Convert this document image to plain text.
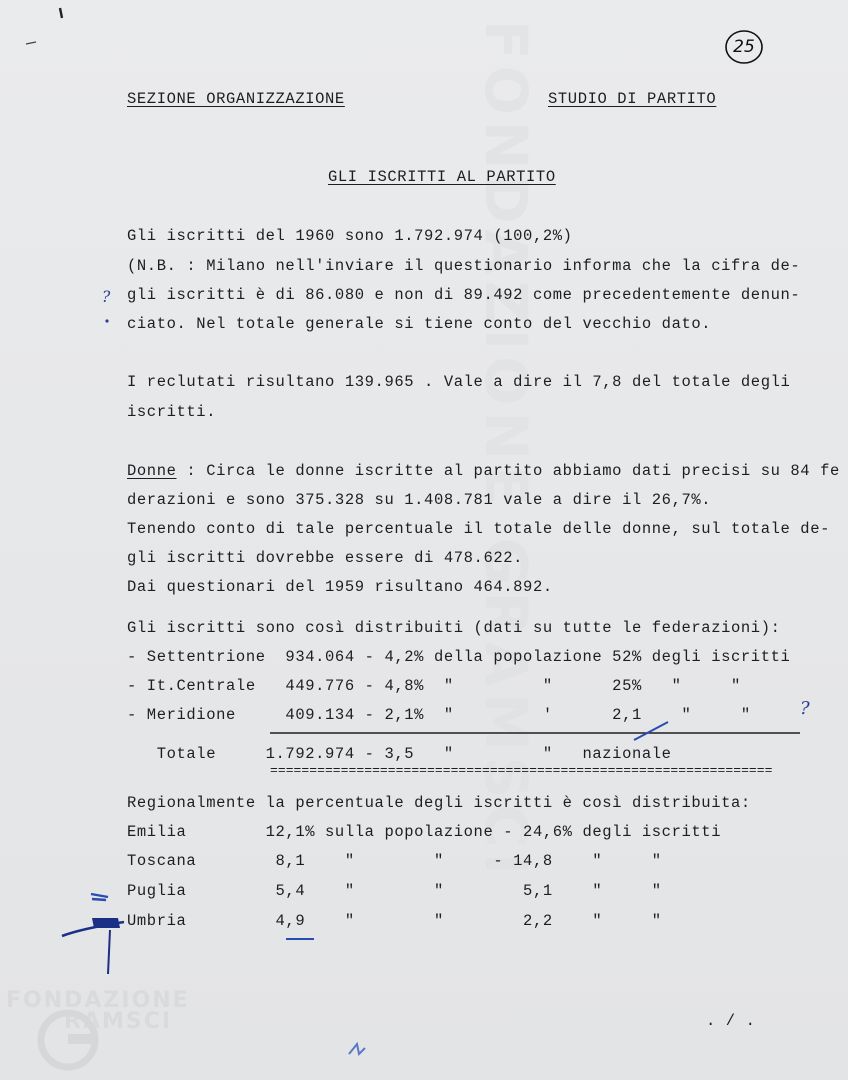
FONDAZIONE GRAMSCI	25
SEZIONE ORGANIZZAZIONE	STUDIO DI PARTITO
GLI ISCRITTI AL PARTITO
Gli iscritti del 1960 sono 1.792.974 (100,2%)
(N.B. : Milano nell'inviare il questionario informa che la cifra de-
gli iscritti è di 86.080 e non di 89.492 come precedentemente denun-
ciato. Nel totale generale si tiene conto del vecchio dato.
?
I reclutati risultano 139.965 . Vale a dire il 7,8 del totale degli
iscritti.
Donne : Circa le donne iscritte al partito abbiamo dati precisi su 84 fe
derazioni e sono 375.328 su 1.408.781 vale a dire il 26,7%.
Tenendo conto di tale percentuale il totale delle donne, sul totale de-
gli iscritti dovrebbe essere di 478.622.
Dai questionari del 1959 risultano 464.892.
Gli iscritti sono così distribuiti (dati su tutte le federazioni):
- Settentrione  934.064 - 4,2% della popolazione 52% degli iscritti
- It.Centrale   449.776 - 4,8%  "         "      25%   "     "
- Meridione     409.134 - 2,1%  "         '      2,1    "     "	?
Totale     1.792.974 - 3,5   "         "   nazionale
================================================================
Regionalmente la percentuale degli iscritti è così distribuita:
Emilia        12,1% sulla popolazione - 24,6% degli iscritti
Toscana        8,1    "        "     - 14,8    "     "
Puglia         5,4    "        "        5,1    "     "
Umbria         4,9    "        "        2,2    "     "
. / .
FONDAZIONE
RAMSCI
